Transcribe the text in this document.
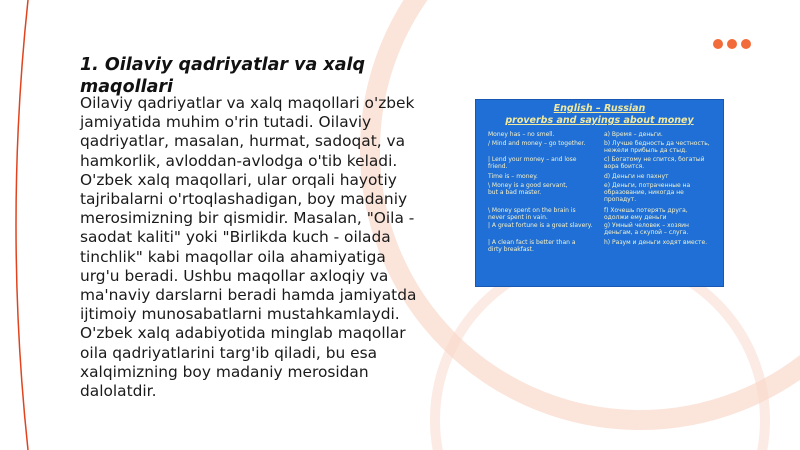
1. Oilaviy qadriyatlar va xalq maqollari

Oilaviy qadriyatlar va xalq maqollari o'zbek jamiyatida muhim o'rin tutadi. Oilaviy qadriyatlar, masalan, hurmat, sadoqat, va hamkorlik, avloddan-avlodga o'tib keladi. O'zbek xalq maqollari, ular orqali hayotiy tajribalarni o'rtoqlashadigan, boy madaniy merosimizning bir qismidir. Masalan, "Oila - saodat kaliti" yoki "Birlikda kuch - oilada tinchlik" kabi maqollar oila ahamiyatiga urg'u beradi. Ushbu maqollar axloqiy va ma'naviy darslarni beradi hamda jamiyatda ijtimoiy munosabatlarni mustahkamlaydi. O'zbek xalq adabiyotida minglab maqollar oila qadriyatlarini targ'ib qiladi, bu esa xalqimizning boy madaniy merosidan dalolatdir.

English – Russian
proverbs and sayings about money
Money has – no smell.
/ Mind and money – go together.
| Lend your money – and lose
friend.
Time is – money.
\ Money is a good servant,
but a bad master.
\ Money spent on the brain is
never spent in vain.
| A great fortune is a great slavery.
| A clean fact is better than a
dirty breakfast.
a) Время – деньги.
b) Лучше бедность да честность,
нежели прибыль да стыд.
c) Богатому не спится, богатый
вора боится.
d) Деньги не пахнут
e) Деньги, потраченные на
образование, никогда не
пропадут.
f) Хочешь потерять друга,
одолжи ему деньги
g) Умный человек – хозяин
деньгам, а скупой – слуга.
h) Разум и деньги ходят вместе.
